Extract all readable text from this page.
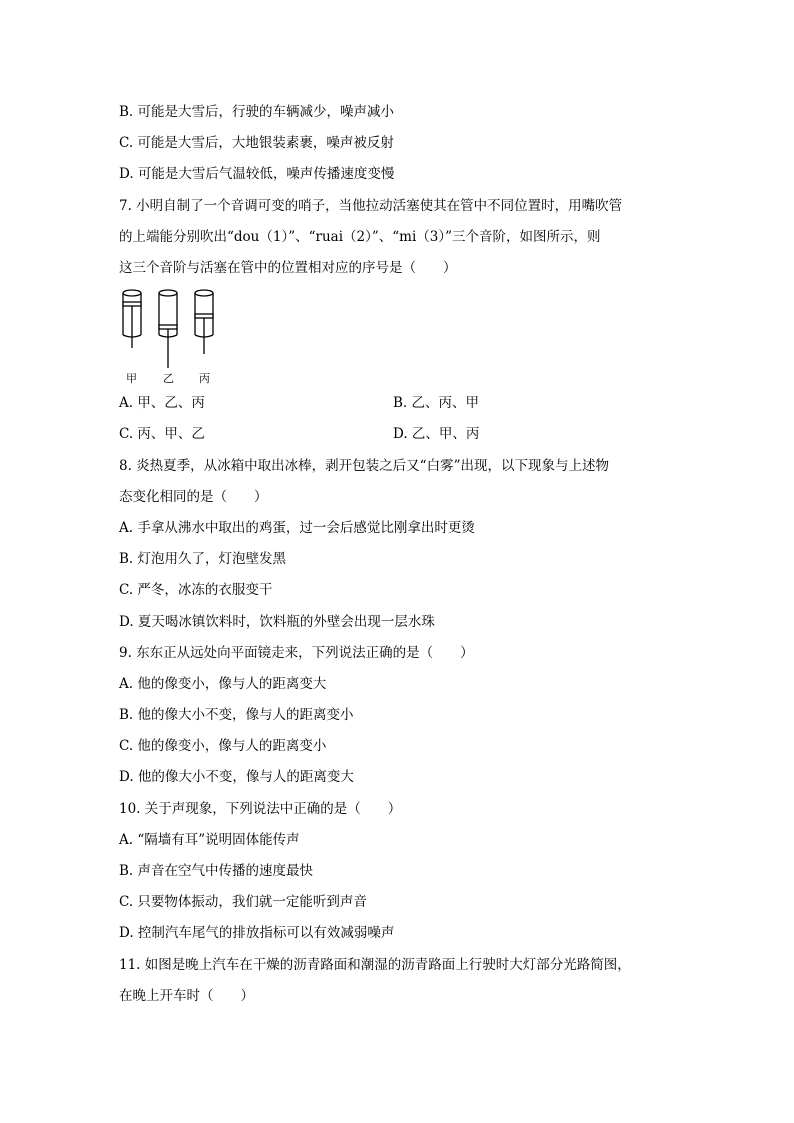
B. 可能是大雪后，行驶的车辆减少，噪声减小
C. 可能是大雪后，大地银装素裹，噪声被反射
D. 可能是大雪后气温较低，噪声传播速度变慢
7. 小明自制了一个音调可变的哨子，当他拉动活塞使其在管中不同位置时，用嘴吹管
的上端能分别吹出“dou（1）”、“ruai（2）”、“mi（3）”三个音阶，如图所示，则
这三个音阶与活塞在管中的位置相对应的序号是（　　）
甲 乙 丙
A. 甲、乙、丙	B. 乙、丙、甲
C. 丙、甲、乙	D. 乙、甲、丙
8. 炎热夏季，从冰箱中取出冰棒，剥开包装之后又“白雾”出现，以下现象与上述物
态变化相同的是（　　）
A. 手拿从沸水中取出的鸡蛋，过一会后感觉比刚拿出时更烫
B. 灯泡用久了，灯泡壁发黑
C. 严冬，冰冻的衣服变干
D. 夏天喝冰镇饮料时，饮料瓶的外壁会出现一层水珠
9. 东东正从远处向平面镜走来，下列说法正确的是（　　）
A. 他的像变小，像与人的距离变大
B. 他的像大小不变，像与人的距离变小
C. 他的像变小，像与人的距离变小
D. 他的像大小不变，像与人的距离变大
10. 关于声现象，下列说法中正确的是（　　）
A. “隔墙有耳”说明固体能传声
B. 声音在空气中传播的速度最快
C. 只要物体振动，我们就一定能听到声音
D. 控制汽车尾气的排放指标可以有效减弱噪声
11. 如图是晚上汽车在干燥的沥青路面和潮湿的沥青路面上行驶时大灯部分光路简图，
在晚上开车时（　　）
